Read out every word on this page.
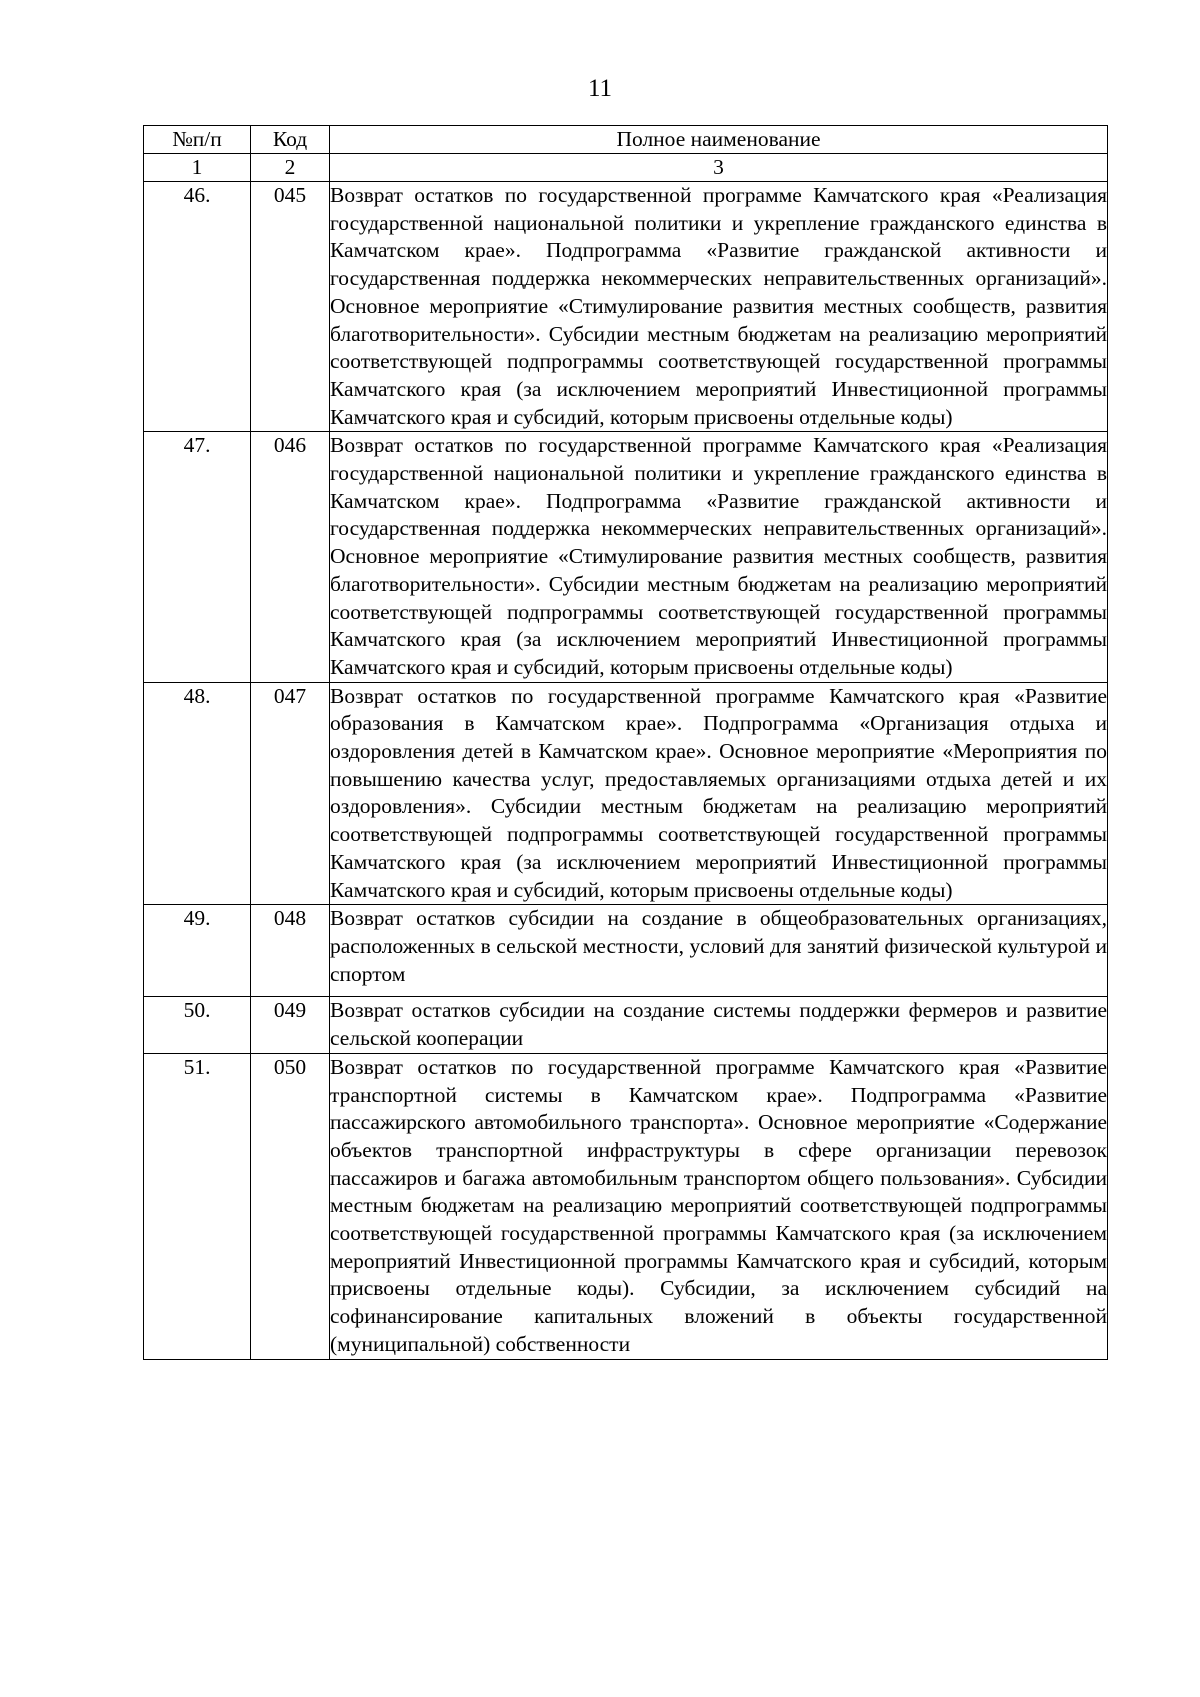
11
№п/п	Код	Полное наименование
1	2	3
46.	045	Возврат остатков по государственной программе Камчатского края «Реализация государственной национальной политики и укрепление гражданского единства в Камчатском крае». Подпрограмма «Развитие гражданской активности и государственная поддержка некоммерческих неправительственных организаций». Основное мероприятие «Стимулирование развития местных сообществ, развития благотворительности». Субсидии местным бюджетам на реализацию мероприятий соответствующей подпрограммы соответствующей государственной программы Камчатского края (за исключением мероприятий Инвестиционной программы Камчатского края и субсидий, которым присвоены отдельные коды)
47.	046	Возврат остатков по государственной программе Камчатского края «Реализация государственной национальной политики и укрепление гражданского единства в Камчатском крае». Подпрограмма «Развитие гражданской активности и государственная поддержка некоммерческих неправительственных организаций». Основное мероприятие «Стимулирование развития местных сообществ, развития благотворительности». Субсидии местным бюджетам на реализацию мероприятий соответствующей подпрограммы соответствующей государственной программы Камчатского края (за исключением мероприятий Инвестиционной программы Камчатского края и субсидий, которым присвоены отдельные коды)
48.	047	Возврат остатков по государственной программе Камчатского края «Развитие образования в Камчатском крае». Подпрограмма «Организация отдыха и оздоровления детей в Камчатском крае». Основное мероприятие «Мероприятия по повышению качества услуг, предоставляемых организациями отдыха детей и их оздоровления». Субсидии местным бюджетам на реализацию мероприятий соответствующей подпрограммы соответствующей государственной программы Камчатского края (за исключением мероприятий Инвестиционной программы Камчатского края и субсидий, которым присвоены отдельные коды)
49.	048	Возврат остатков субсидии на создание в общеобразовательных организациях, расположенных в сельской местности, условий для занятий физической культурой и спортом
50.	049	Возврат остатков субсидии на создание системы поддержки фермеров и развитие сельской кооперации
51.	050	Возврат остатков по государственной программе Камчатского края «Развитие транспортной системы в Камчатском крае». Подпрограмма «Развитие пассажирского автомобильного транспорта». Основное мероприятие «Содержание объектов транспортной инфраструктуры в сфере организации перевозок пассажиров и багажа автомобильным транспортом общего пользования». Субсидии местным бюджетам на реализацию мероприятий соответствующей подпрограммы соответствующей государственной программы Камчатского края (за исключением мероприятий Инвестиционной программы Камчатского края и субсидий, которым присвоены отдельные коды). Субсидии, за исключением субсидий на софинансирование капитальных вложений в объекты государственной (муниципальной) собственности
